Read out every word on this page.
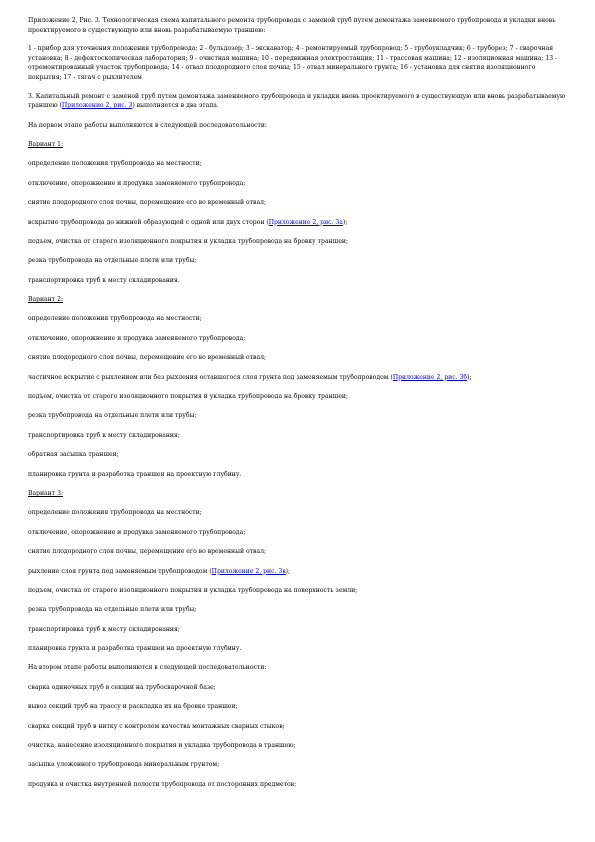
Приложение 2, Рис. 3. Технологическая схема капитального ремонта трубопровода с заменой труб путем демонтажа заменяемого трубопровода и укладки вновь проектируемого в существующую или вновь разрабатываемую траншею:

1 - прибор для уточнения положения трубопровода; 2 - бульдозер; 3 - экскаватор; 4 - ремонтируемый трубопровод; 5 - трубоукладчик; 6 - труборез; 7 - сварочная установка; 8 - дефектоскопическая лаборатория; 9 - очистная машина; 10 - передвижная электростанция; 11 - трассовая машина; 12 - изоляционная машина; 13 - отремонтированный участок трубопровода; 14 - отвал плодородного слоя почвы; 15 - отвал минерального грунта; 16 - установка для снятия изоляционного покрытия; 17 - тягач с рыхлителем

3. Капитальный ремонт с заменой труб путем демонтажа заменяемого трубопровода и укладки вновь проектируемого в существующую или вновь разрабатываемую траншею (Приложение 2, рис. 3) выполняется в два этапа.

На первом этапе работы выполняются в следующей последовательности:

Вариант 1:

определение положения трубопровода на местности;

отключение, опорожнение и продувка заменяемого трубопровода;

снятие плодородного слоя почвы, перемещение его во временный отвал;

вскрытие трубопровода до нижней образующей с одной или двух сторон (Приложение 2, рис. 3а);

подъем, очистка от старого изоляционного покрытия и укладка трубопровода на бровку траншеи;

резка трубопровода на отдельные плети или трубы;

транспортировка труб к месту складирования.

Вариант 2:

определение положения трубопровода на местности;

отключение, опорожнение и продувка заменяемого трубопровода;

снятие плодородного слоя почвы, перемещение его во временный отвал;

частичное вскрытие с рыхлением или без рыхления оставшегося слоя грунта под заменяемым трубопроводом (Приложение 2, рис. 3б);

подъем, очистка от старого изоляционного покрытия и укладка трубопровода на бровку траншеи;

резка трубопровода на отдельные плети или трубы;

транспортировка труб к месту складирования;

обратная засыпка траншеи;

планировка грунта и разработка траншеи на проектную глубину.

Вариант 3:

определение положения трубопровода на местности;

отключение, опорожнение и продувка заменяемого трубопровода;

снятие плодородного слоя почвы, перемещение его во временный отвал;

рыхление слоя грунта под заменяемым трубопроводом (Приложение 2, рис. 3в);

подъем, очистка от старого изоляционного покрытия и укладка трубопровода на поверхность земли;

резка трубопровода на отдельные плети или трубы;

транспортировка труб к месту складирования;

планировка грунта и разработка траншеи на проектную глубину.

На втором этапе работы выполняются в следующей последовательности:

сварка одиночных труб в секции на трубосварочной базе;

вывоз секций труб на трассу и раскладка их на бровке траншеи;

сварка секций труб в нитку с контролем качества монтажных сварных стыков;

очистка, нанесение изоляционного покрытия и укладка трубопровода в траншею;

засыпка уложенного трубопровода минеральным грунтом;

продувка и очистка внутренней полости трубопровода от посторонних предметов;
